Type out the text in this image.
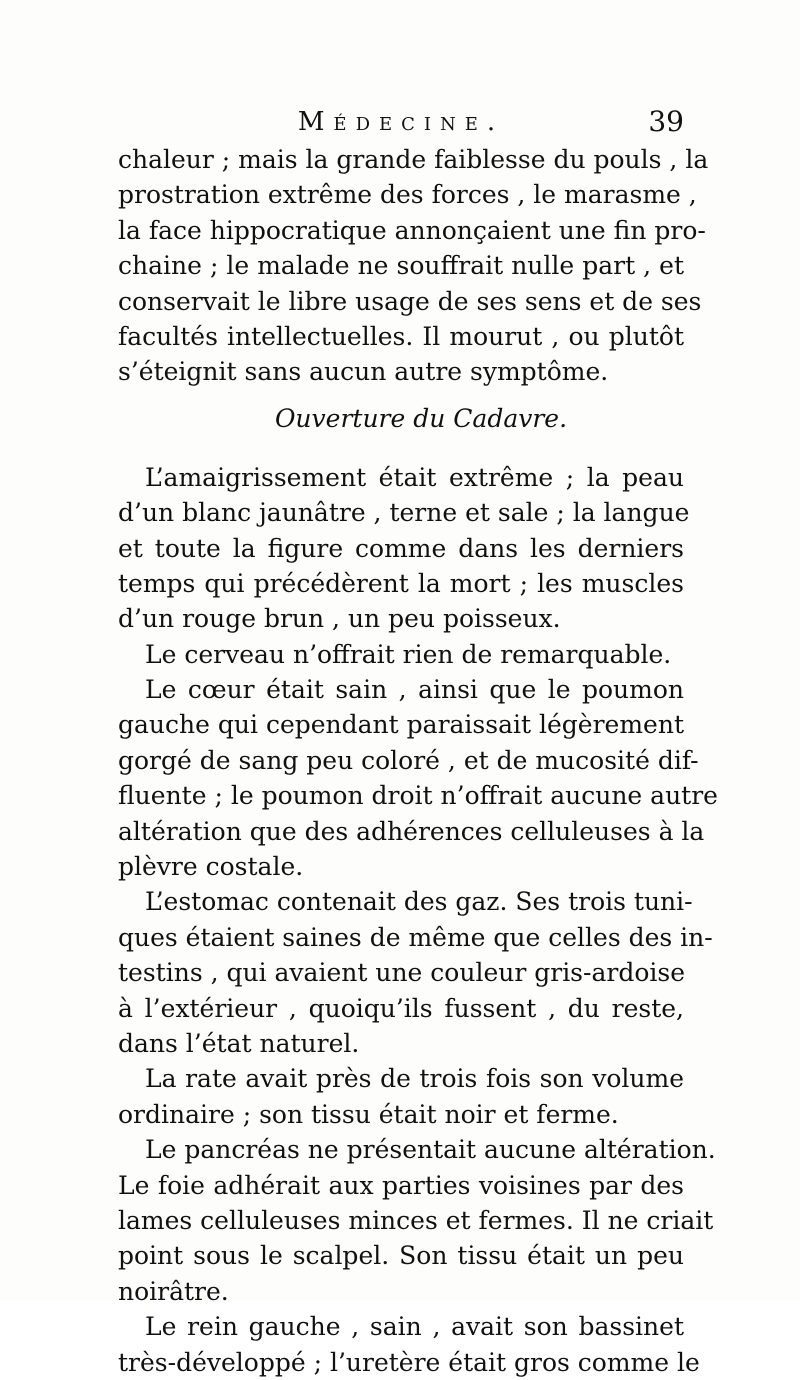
Médecine.	39
chaleur ; mais la grande faiblesse du pouls , la
prostration extrême des forces , le marasme ,
la face hippocratique annonçaient une fin pro-
chaine ; le malade ne souffrait nulle part , et
conservait le libre usage de ses sens et de ses
facultés intellectuelles. Il mourut , ou plutôt
s’éteignit sans aucun autre symptôme.
Ouverture du Cadavre.
L’amaigrissement était extrême ; la peau
d’un blanc jaunâtre , terne et sale ; la langue
et toute la figure comme dans les derniers
temps qui précédèrent la mort ; les muscles
d’un rouge brun , un peu poisseux.
Le cerveau n’offrait rien de remarquable.
Le cœur était sain , ainsi que le poumon
gauche qui cependant paraissait légèrement
gorgé de sang peu coloré , et de mucosité dif-
fluente ; le poumon droit n’offrait aucune autre
altération que des adhérences celluleuses à la
plèvre costale.
L’estomac contenait des gaz. Ses trois tuni-
ques étaient saines de même que celles des in-
testins , qui avaient une couleur gris-ardoise
à l’extérieur , quoiqu’ils fussent , du reste,
dans l’état naturel.
La rate avait près de trois fois son volume
ordinaire ; son tissu était noir et ferme.
Le pancréas ne présentait aucune altération.
Le foie adhérait aux parties voisines par des
lames celluleuses minces et fermes. Il ne criait
point sous le scalpel. Son tissu était un peu
noirâtre.
Le rein gauche , sain , avait son bassinet
très-développé ; l’uretère était gros comme le
